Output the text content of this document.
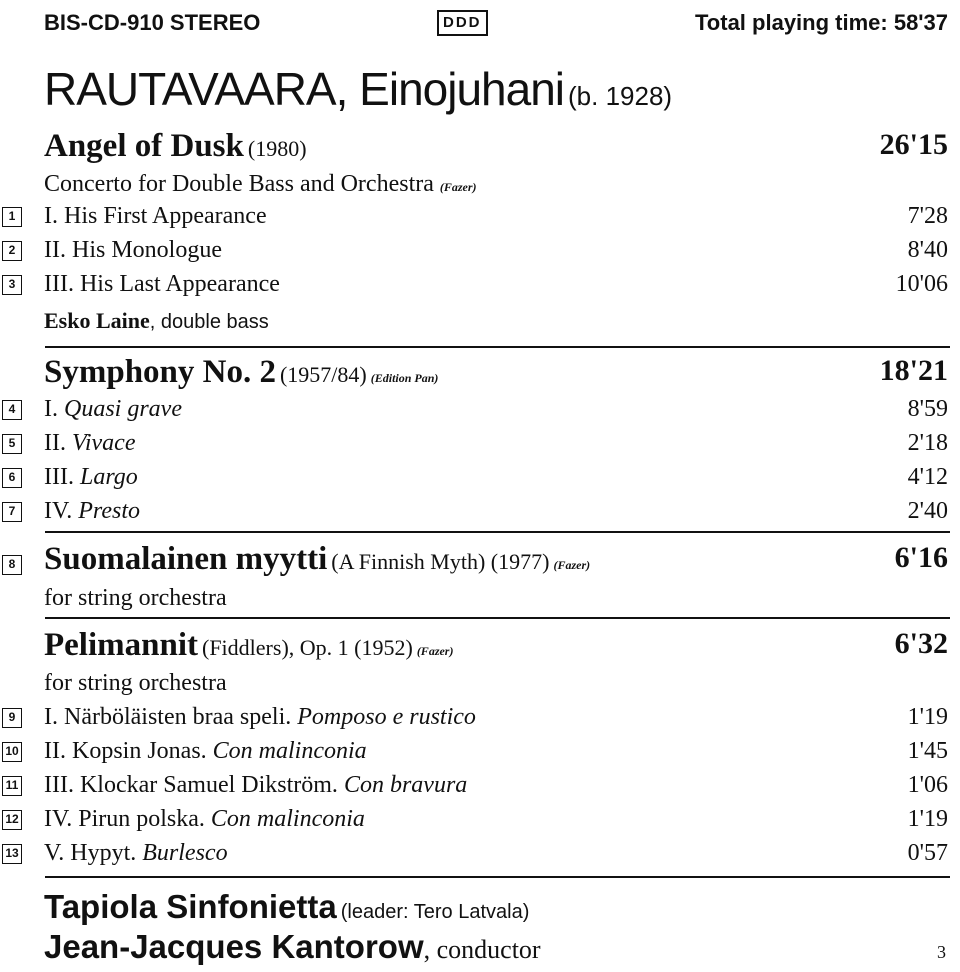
BIS-CD-910 STEREO	DDD	Total playing time: 58'37
RAUTAVAARA, Einojuhani (b. 1928)
Angel of Dusk (1980)	26'15
Concerto for Double Bass and Orchestra (Fazer)
1 I. His First Appearance	7'28
2 II. His Monologue	8'40
3 III. His Last Appearance	10'06
Esko Laine, double bass
Symphony No. 2 (1957/84) (Edition Pan)	18'21
4 I. Quasi grave	8'59
5 II. Vivace	2'18
6 III. Largo	4'12
7 IV. Presto	2'40
8 Suomalainen myytti (A Finnish Myth) (1977) (Fazer)	6'16
for string orchestra
Pelimannit (Fiddlers), Op. 1 (1952) (Fazer)	6'32
for string orchestra
9 I. Närböläisten braa speli. Pomposo e rustico	1'19
10 II. Kopsin Jonas. Con malinconia	1'45
11 III. Klockar Samuel Dikström. Con bravura	1'06
12 IV. Pirun polska. Con malinconia	1'19
13 V. Hypyt. Burlesco	0'57
Tapiola Sinfonietta (leader: Tero Latvala)
Jean-Jacques Kantorow, conductor	3
